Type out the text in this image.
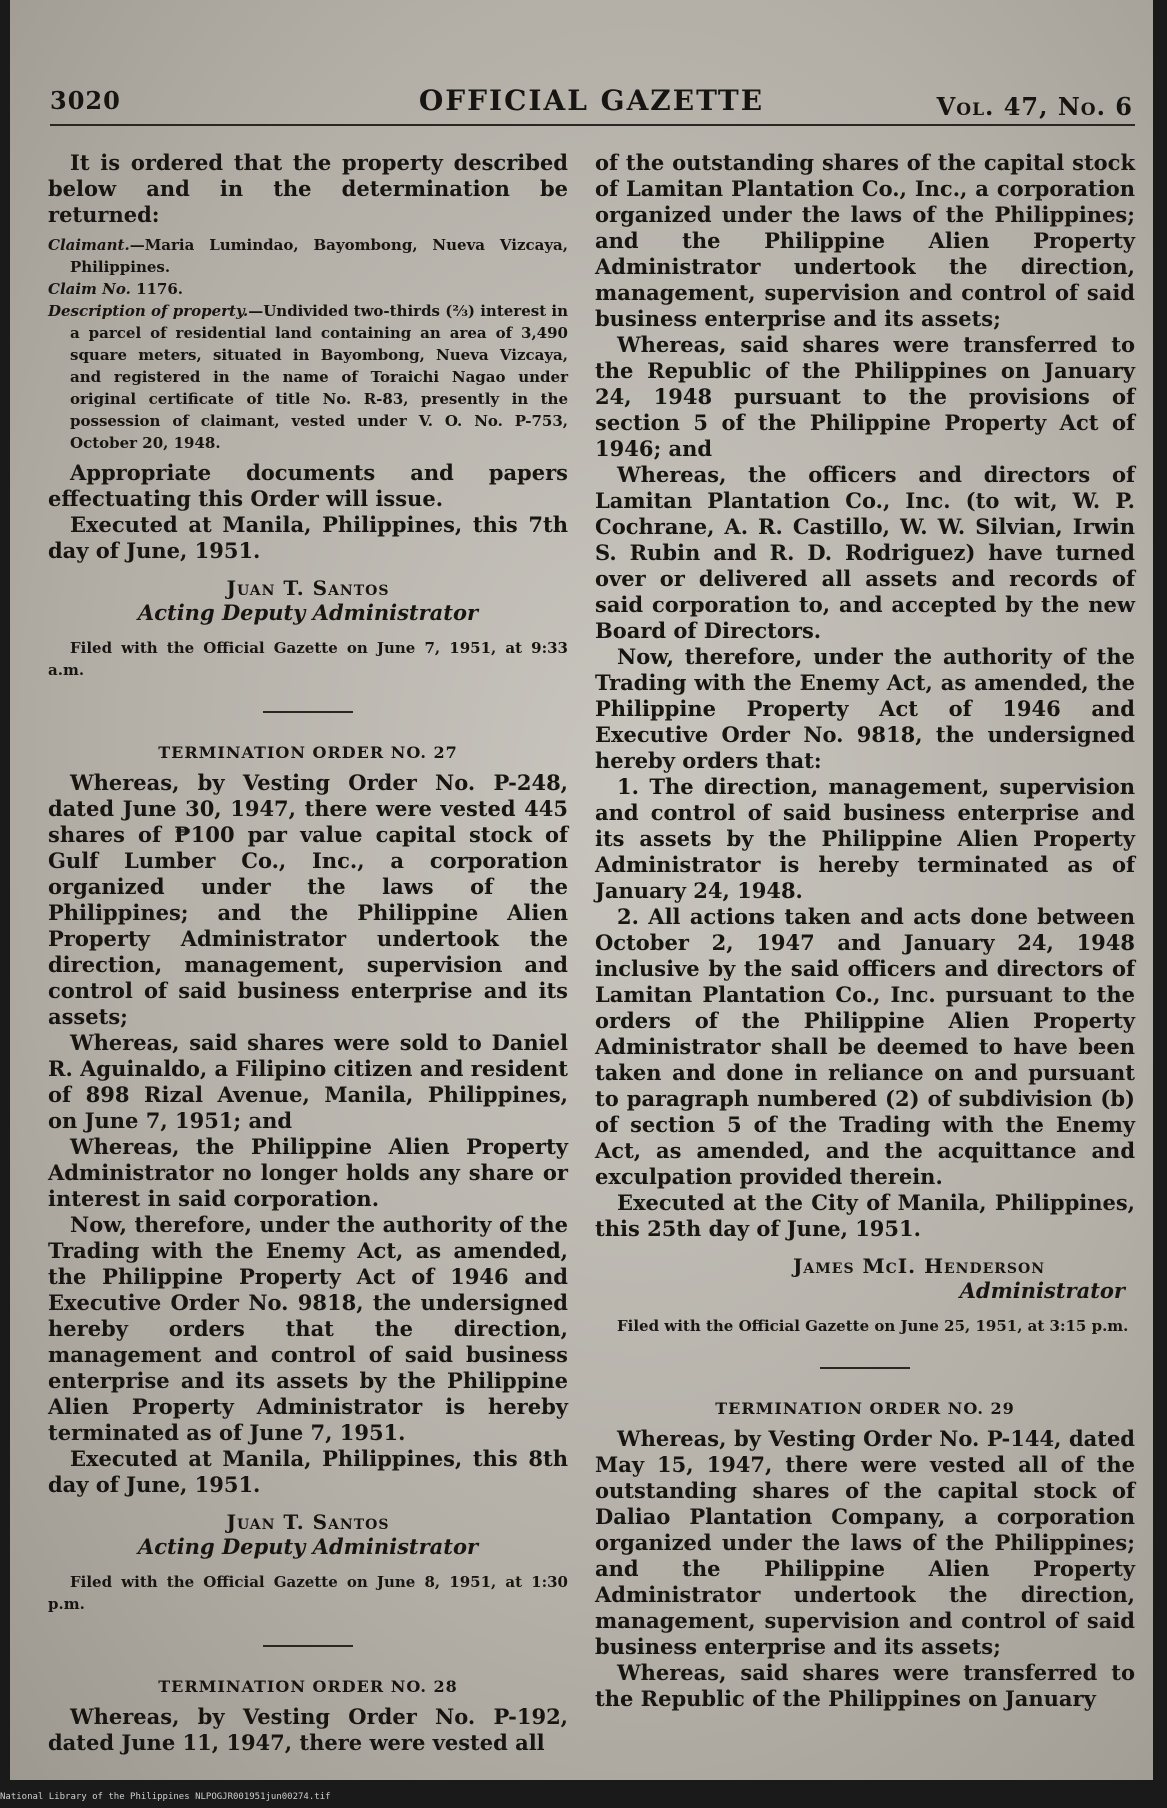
3020	OFFICIAL GAZETTE	Vol. 47, No. 6

It is ordered that the property described below and in the determination be returned:

Claimant.—Maria Lumindao, Bayombong, Nueva Vizcaya, Philippines.

Claim No. 1176.

Description of property.—Undivided two-thirds (⅔) interest in a parcel of residential land containing an area of 3,490 square meters, situated in Bayombong, Nueva Vizcaya, and registered in the name of Toraichi Nagao under original certificate of title No. R-83, presently in the possession of claimant, vested under V. O. No. P-753, October 20, 1948.

Appropriate documents and papers effectuating this Order will issue.

Executed at Manila, Philippines, this 7th day of June, 1951.

Juan T. Santos
Acting Deputy Administrator

Filed with the Official Gazette on June 7, 1951, at 9:33 a.m.

TERMINATION ORDER NO. 27

Whereas, by Vesting Order No. P-248, dated June 30, 1947, there were vested 445 shares of ₱100 par value capital stock of Gulf Lumber Co., Inc., a corporation organized under the laws of the Philippines; and the Philippine Alien Property Administrator undertook the direction, management, supervision and control of said business enterprise and its assets;

Whereas, said shares were sold to Daniel R. Aguinaldo, a Filipino citizen and resident of 898 Rizal Avenue, Manila, Philippines, on June 7, 1951; and

Whereas, the Philippine Alien Property Administrator no longer holds any share or interest in said corporation.

Now, therefore, under the authority of the Trading with the Enemy Act, as amended, the Philippine Property Act of 1946 and Executive Order No. 9818, the undersigned hereby orders that the direction, management and control of said business enterprise and its assets by the Philippine Alien Property Administrator is hereby terminated as of June 7, 1951.

Executed at Manila, Philippines, this 8th day of June, 1951.

Juan T. Santos
Acting Deputy Administrator

Filed with the Official Gazette on June 8, 1951, at 1:30 p.m.

TERMINATION ORDER NO. 28

Whereas, by Vesting Order No. P-192, dated June 11, 1947, there were vested all

of the outstanding shares of the capital stock of Lamitan Plantation Co., Inc., a corporation organized under the laws of the Philippines; and the Philippine Alien Property Administrator undertook the direction, management, supervision and control of said business enterprise and its assets;

Whereas, said shares were transferred to the Republic of the Philippines on January 24, 1948 pursuant to the provisions of section 5 of the Philippine Property Act of 1946; and

Whereas, the officers and directors of Lamitan Plantation Co., Inc. (to wit, W. P. Cochrane, A. R. Castillo, W. W. Silvian, Irwin S. Rubin and R. D. Rodriguez) have turned over or delivered all assets and records of said corporation to, and accepted by the new Board of Directors.

Now, therefore, under the authority of the Trading with the Enemy Act, as amended, the Philippine Property Act of 1946 and Executive Order No. 9818, the undersigned hereby orders that:

1. The direction, management, supervision and control of said business enterprise and its assets by the Philippine Alien Property Administrator is hereby terminated as of January 24, 1948.

2. All actions taken and acts done between October 2, 1947 and January 24, 1948 inclusive by the said officers and directors of Lamitan Plantation Co., Inc. pursuant to the orders of the Philippine Alien Property Administrator shall be deemed to have been taken and done in reliance on and pursuant to paragraph numbered (2) of subdivision (b) of section 5 of the Trading with the Enemy Act, as amended, and the acquittance and exculpation provided therein.

Executed at the City of Manila, Philippines, this 25th day of June, 1951.

James McI. Henderson
Administrator

Filed with the Official Gazette on June 25, 1951, at 3:15 p.m.

TERMINATION ORDER NO. 29

Whereas, by Vesting Order No. P-144, dated May 15, 1947, there were vested all of the outstanding shares of the capital stock of Daliao Plantation Company, a corporation organized under the laws of the Philippines; and the Philippine Alien Property Administrator undertook the direction, management, supervision and control of said business enterprise and its assets;

Whereas, said shares were transferred to the Republic of the Philippines on January

National Library of the Philippines NLPOGJR001951jun00274.tif
